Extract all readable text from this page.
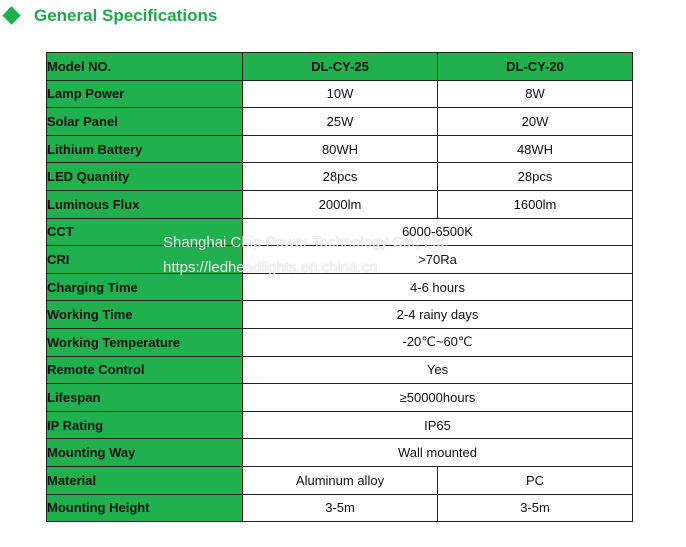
General Specifications
Model NO.	DL-CY-25	DL-CY-20
Lamp Power	10W	8W
Solar Panel	25W	20W
Lithium Battery	80WH	48WH
LED Quantity	28pcs	28pcs
Luminous Flux	2000lm	1600lm
CCT	6000-6500K	
CRI	>70Ra	
Charging Time	4-6 hours	
Working Time	2-4 rainy days	
Working Temperature	-20℃~60℃	
Remote Control	Yes	
Lifespan	≥50000hours	
IP Rating	IP65	
Mounting Way	Wall mounted	
Material	Aluminum alloy	PC
Mounting Height	3-5m	3-5m
Shanghai Chip Power Technology Co., Ltd.
https://ledheadlights.en.china.cn
